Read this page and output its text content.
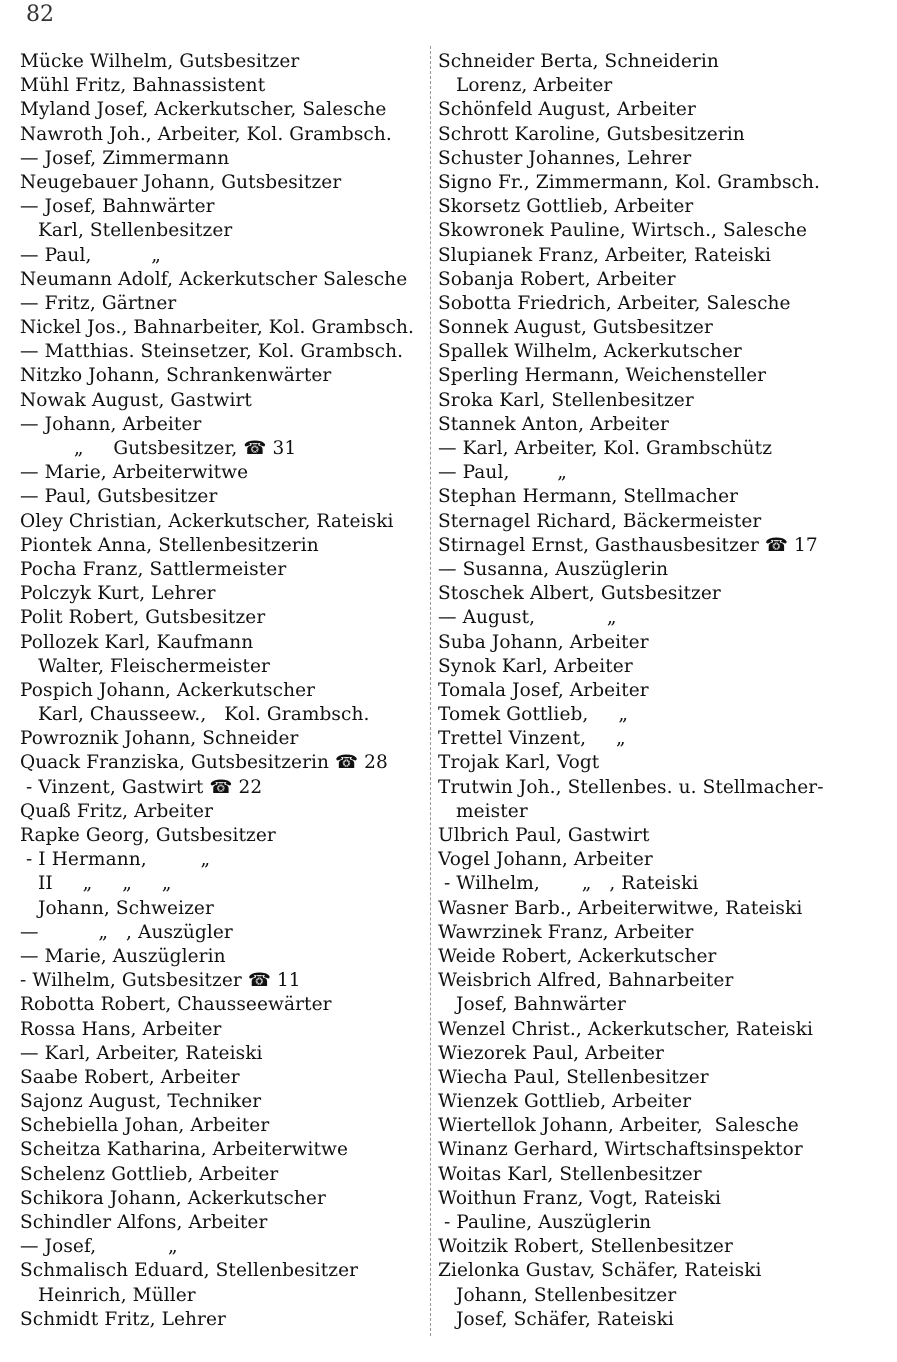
82
Mücke Wilhelm, Gutsbesitzer
Mühl Fritz, Bahnassistent
Myland Josef, Ackerkutscher, Salesche
Nawroth Joh., Arbeiter, Kol. Grambsch.
— Josef, Zimmermann
Neugebauer Johann, Gutsbesitzer
— Josef, Bahnwärter
Karl, Stellenbesitzer
— Paul,          „
Neumann Adolf, Ackerkutscher Salesche
— Fritz, Gärtner
Nickel Jos., Bahnarbeiter, Kol. Grambsch.
— Matthias. Steinsetzer, Kol. Grambsch.
Nitzko Johann, Schrankenwärter
Nowak August, Gastwirt
— Johann, Arbeiter
„     Gutsbesitzer, ☎ 31
— Marie, Arbeiterwitwe
— Paul, Gutsbesitzer
Oley Christian, Ackerkutscher, Rateiski
Piontek Anna, Stellenbesitzerin
Pocha Franz, Sattlermeister
Polczyk Kurt, Lehrer
Polit Robert, Gutsbesitzer
Pollozek Karl, Kaufmann
Walter, Fleischermeister
Pospich Johann, Ackerkutscher
Karl, Chausseew.,   Kol. Grambsch.
Powroznik Johann, Schneider
Quack Franziska, Gutsbesitzerin ☎ 28
- Vinzent, Gastwirt ☎ 22
Quaß Fritz, Arbeiter
Rapke Georg, Gutsbesitzer
- I Hermann,         „
II     „     „     „
Johann, Schweizer
—          „   , Auszügler
— Marie, Auszüglerin
- Wilhelm, Gutsbesitzer ☎ 11
Robotta Robert, Chausseewärter
Rossa Hans, Arbeiter
— Karl, Arbeiter, Rateiski
Saabe Robert, Arbeiter
Sajonz August, Techniker
Schebiella Johan, Arbeiter
Scheitza Katharina, Arbeiterwitwe
Schelenz Gottlieb, Arbeiter
Schikora Johann, Ackerkutscher
Schindler Alfons, Arbeiter
— Josef,            „
Schmalisch Eduard, Stellenbesitzer
Heinrich, Müller
Schmidt Fritz, Lehrer
Schneider Berta, Schneiderin
Lorenz, Arbeiter
Schönfeld August, Arbeiter
Schrott Karoline, Gutsbesitzerin
Schuster Johannes, Lehrer
Signo Fr., Zimmermann, Kol. Grambsch.
Skorsetz Gottlieb, Arbeiter
Skowronek Pauline, Wirtsch., Salesche
Slupianek Franz, Arbeiter, Rateiski
Sobanja Robert, Arbeiter
Sobotta Friedrich, Arbeiter, Salesche
Sonnek August, Gutsbesitzer
Spallek Wilhelm, Ackerkutscher
Sperling Hermann, Weichensteller
Sroka Karl, Stellenbesitzer
Stannek Anton, Arbeiter
— Karl, Arbeiter, Kol. Grambschütz
— Paul,        „
Stephan Hermann, Stellmacher
Sternagel Richard, Bäckermeister
Stirnagel Ernst, Gasthausbesitzer ☎ 17
— Susanna, Auszüglerin
Stoschek Albert, Gutsbesitzer
— August,            „
Suba Johann, Arbeiter
Synok Karl, Arbeiter
Tomala Josef, Arbeiter
Tomek Gottlieb,     „
Trettel Vinzent,     „
Trojak Karl, Vogt
Trutwin Joh., Stellenbes. u. Stellmacher-
meister
Ulbrich Paul, Gastwirt
Vogel Johann, Arbeiter
- Wilhelm,       „   , Rateiski
Wasner Barb., Arbeiterwitwe, Rateiski
Wawrzinek Franz, Arbeiter
Weide Robert, Ackerkutscher
Weisbrich Alfred, Bahnarbeiter
Josef, Bahnwärter
Wenzel Christ., Ackerkutscher, Rateiski
Wiezorek Paul, Arbeiter
Wiecha Paul, Stellenbesitzer
Wienzek Gottlieb, Arbeiter
Wiertellok Johann, Arbeiter,  Salesche
Winanz Gerhard, Wirtschaftsinspektor
Woitas Karl, Stellenbesitzer
Woithun Franz, Vogt, Rateiski
- Pauline, Auszüglerin
Woitzik Robert, Stellenbesitzer
Zielonka Gustav, Schäfer, Rateiski
Johann, Stellenbesitzer
Josef, Schäfer, Rateiski
